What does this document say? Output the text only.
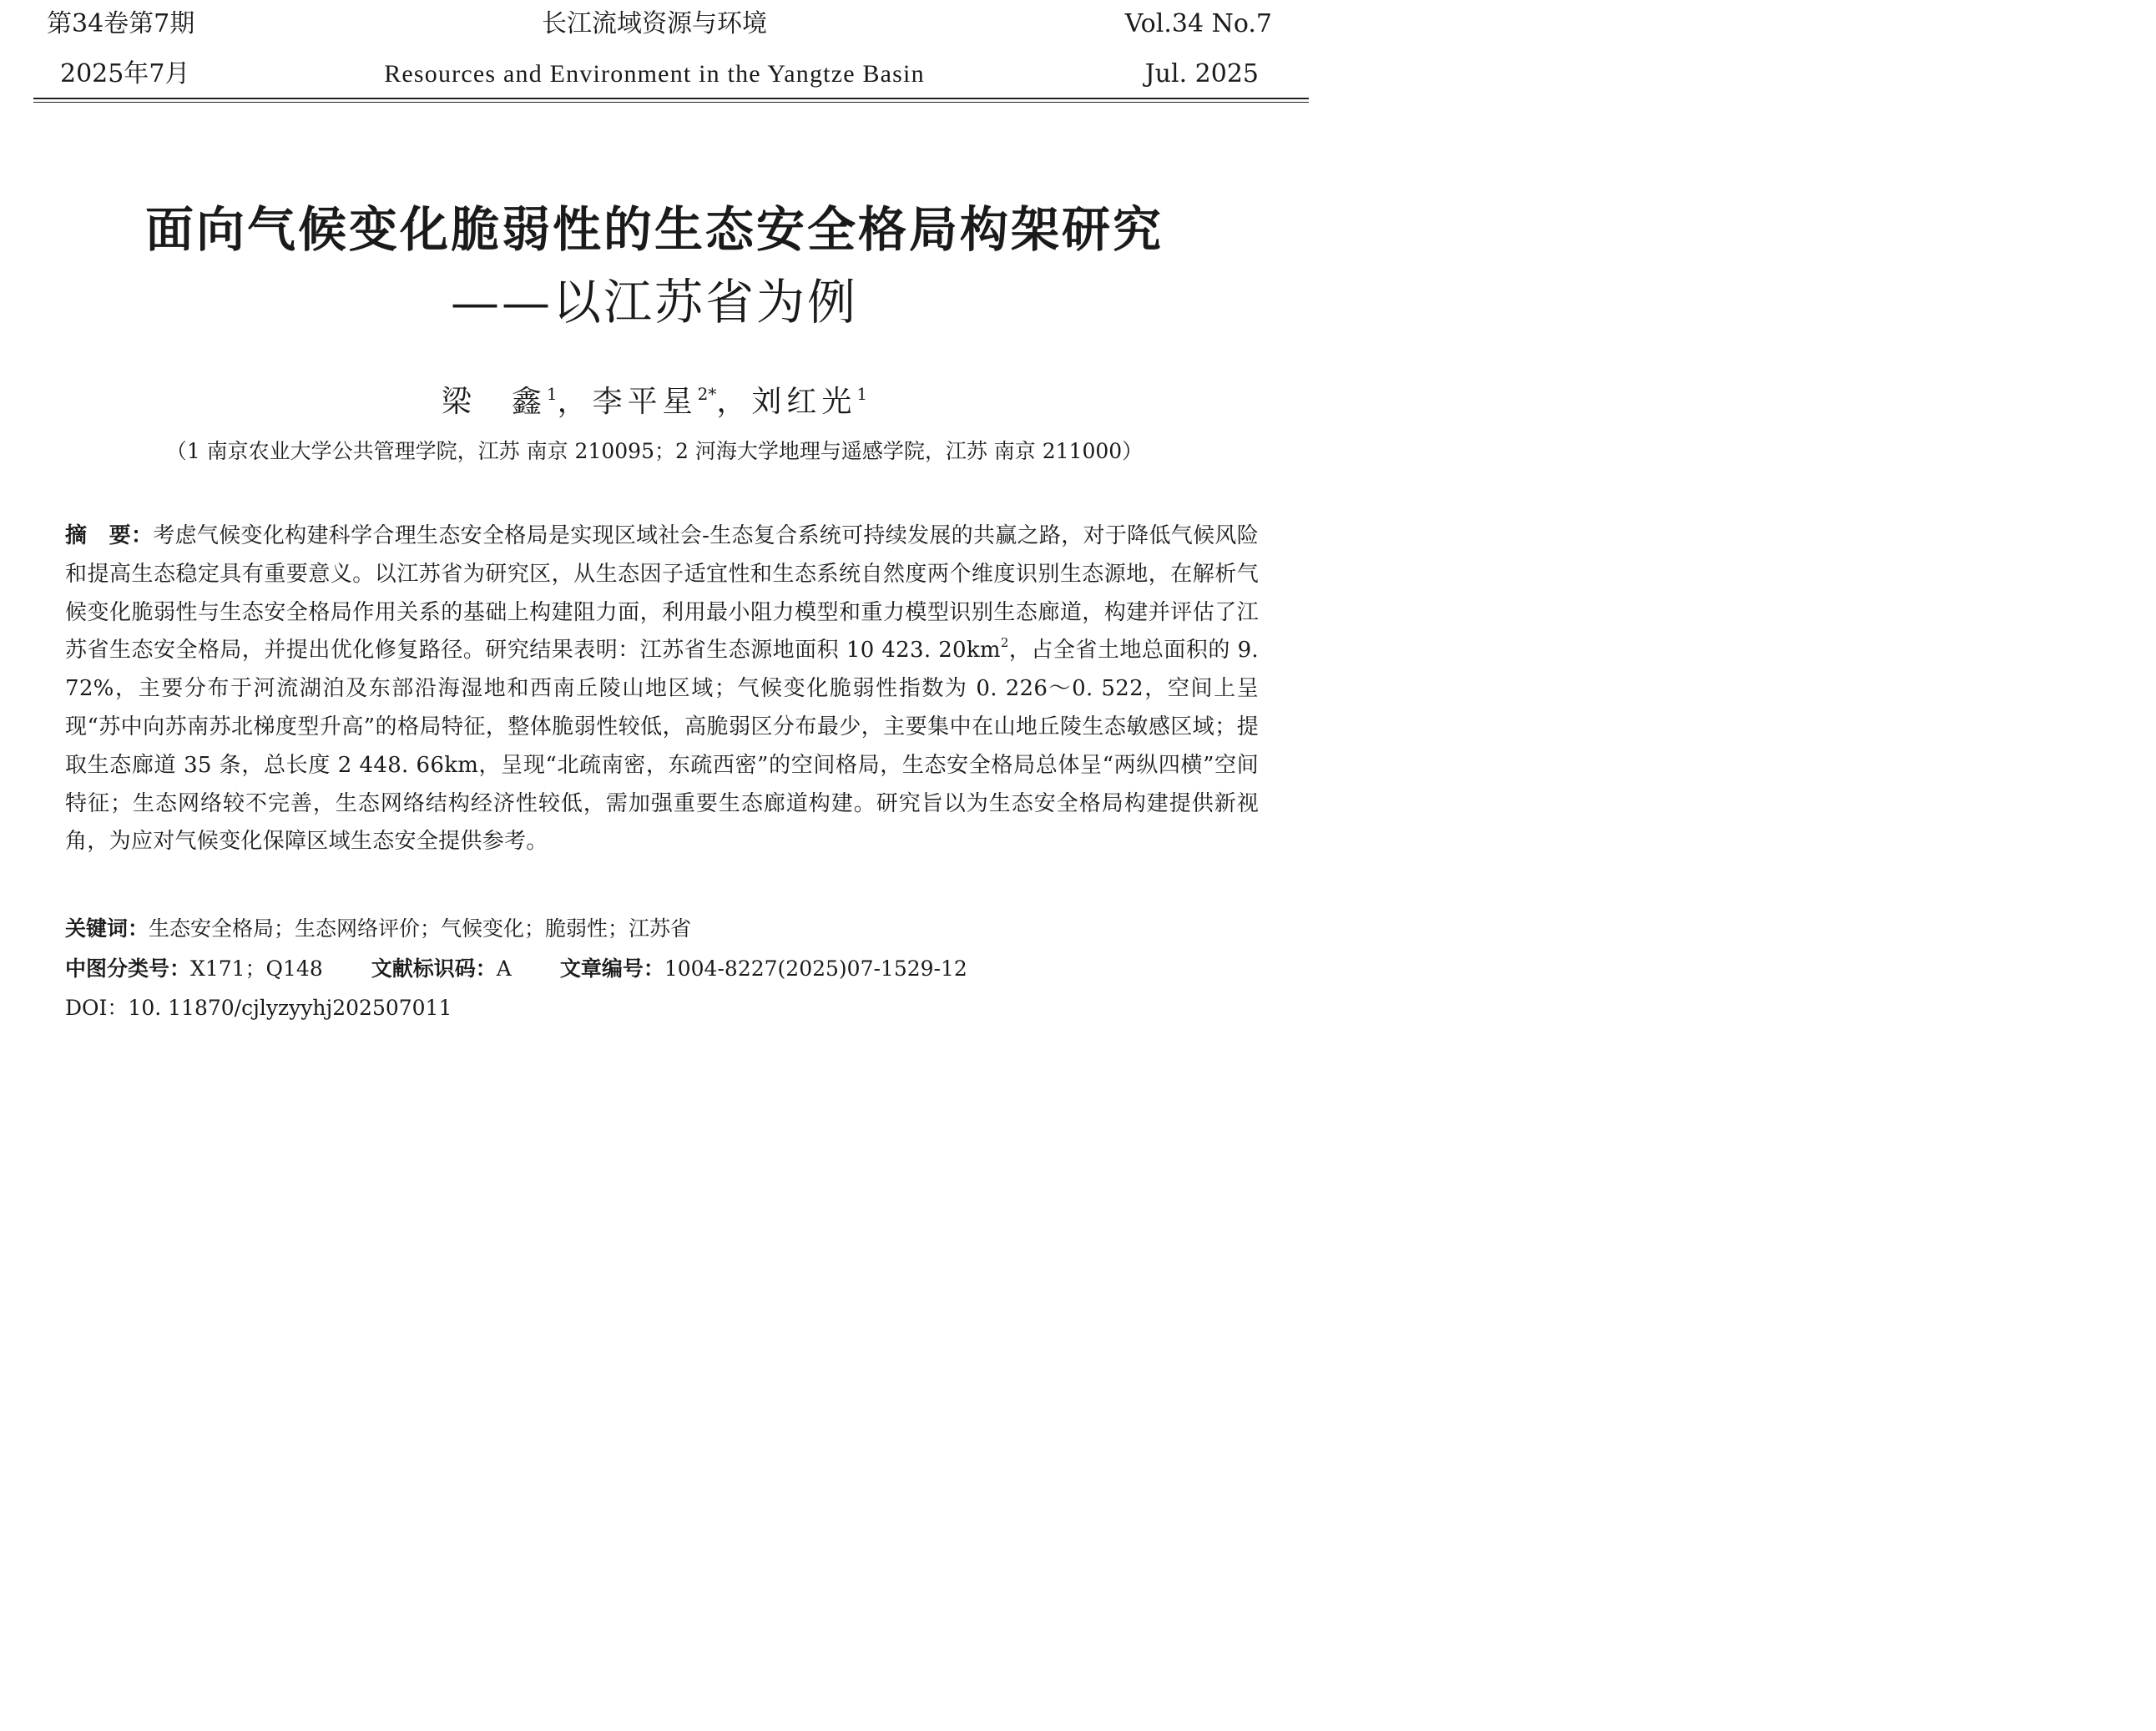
第34卷第7期	长江流域资源与环境	Vol.34 No.7
2025年7月	Resources and Environment in the Yangtze Basin	Jul. 2025
面向气候变化脆弱性的生态安全格局构架研究
——以江苏省为例
梁　鑫$^1$，李平星$^{2*}$，刘红光$^1$
（1 南京农业大学公共管理学院，江苏 南京 210095；2 河海大学地理与遥感学院，江苏 南京 211000）
摘　要：考虑气候变化构建科学合理生态安全格局是实现区域社会-生态复合系统可持续发展的共赢之路，对于降低气候风险和提高生态稳定具有重要意义。以江苏省为研究区，从生态因子适宜性和生态系统自然度两个维度识别生态源地，在解析气候变化脆弱性与生态安全格局作用关系的基础上构建阻力面，利用最小阻力模型和重力模型识别生态廊道，构建并评估了江苏省生态安全格局，并提出优化修复路径。研究结果表明：江苏省生态源地面积 10 423. $20km^2$，占全省土地总面积的 9. 72%，主要分布于河流湖泊及东部沿海湿地和西南丘陵山地区域；气候变化脆弱性指数为 0. 226～0. 522，空间上呈现“苏中向苏南苏北梯度型升高”的格局特征，整体脆弱性较低，高脆弱区分布最少，主要集中在山地丘陵生态敏感区域；提取生态廊道 35 条，总长度 2 448. 66km，呈现“北疏南密，东疏西密”的空间格局，生态安全格局总体呈“两纵四横”空间特征；生态网络较不完善，生态网络结构经济性较低，需加强重要生态廊道构建。研究旨以为生态安全格局构建提供新视角，为应对气候变化保障区域生态安全提供参考。
关键词：生态安全格局；生态网络评价；气候变化；脆弱性；江苏省
中图分类号：X171；Q148 文献标识码：A 文章编号：1004-8227(2025)07-1529-12
DOI：10. 11870/cjlyzyyhj202507011
